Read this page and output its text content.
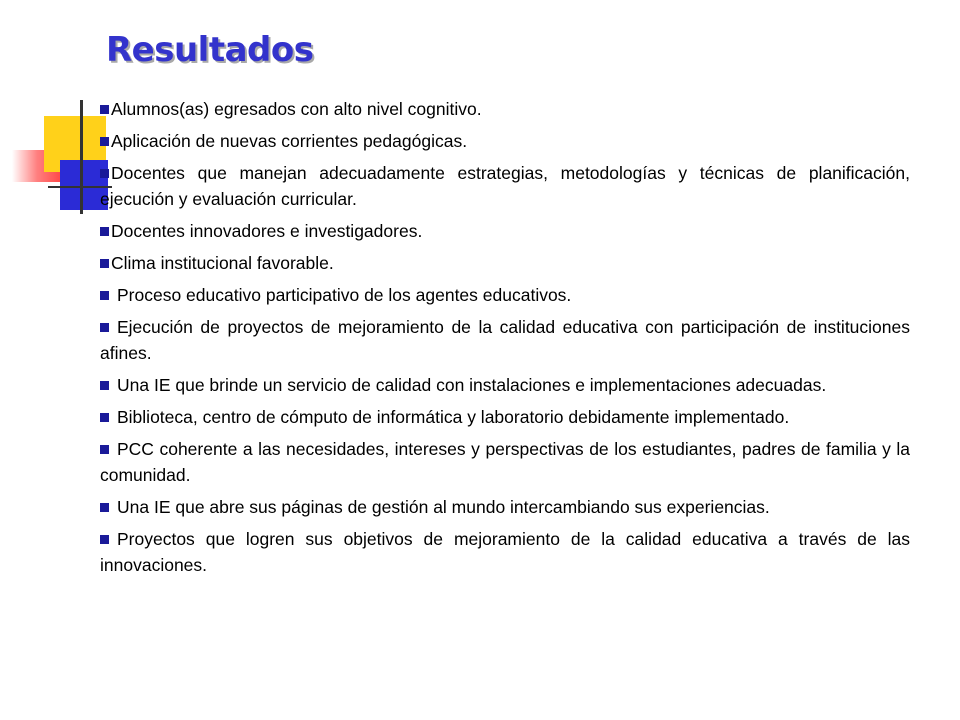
Resultados

Alumnos(as) egresados con alto nivel cognitivo.

Aplicación de nuevas corrientes pedagógicas.

Docentes que manejan adecuadamente estrategias, metodologías y técnicas de planificación, ejecución y evaluación curricular.

Docentes innovadores e investigadores.

Clima institucional favorable.

Proceso educativo participativo de los agentes educativos.

Ejecución de proyectos de mejoramiento de la calidad educativa con participación de instituciones afines.

Una IE que brinde un servicio de calidad con instalaciones e implementaciones adecuadas.

Biblioteca, centro de cómputo de informática y laboratorio debidamente implementado.

PCC coherente a las necesidades, intereses y perspectivas de los estudiantes, padres de familia y la comunidad.

Una IE que abre sus páginas de gestión al mundo intercambiando sus experiencias.

Proyectos que logren sus objetivos de mejoramiento de la calidad educativa a través de las innovaciones.
